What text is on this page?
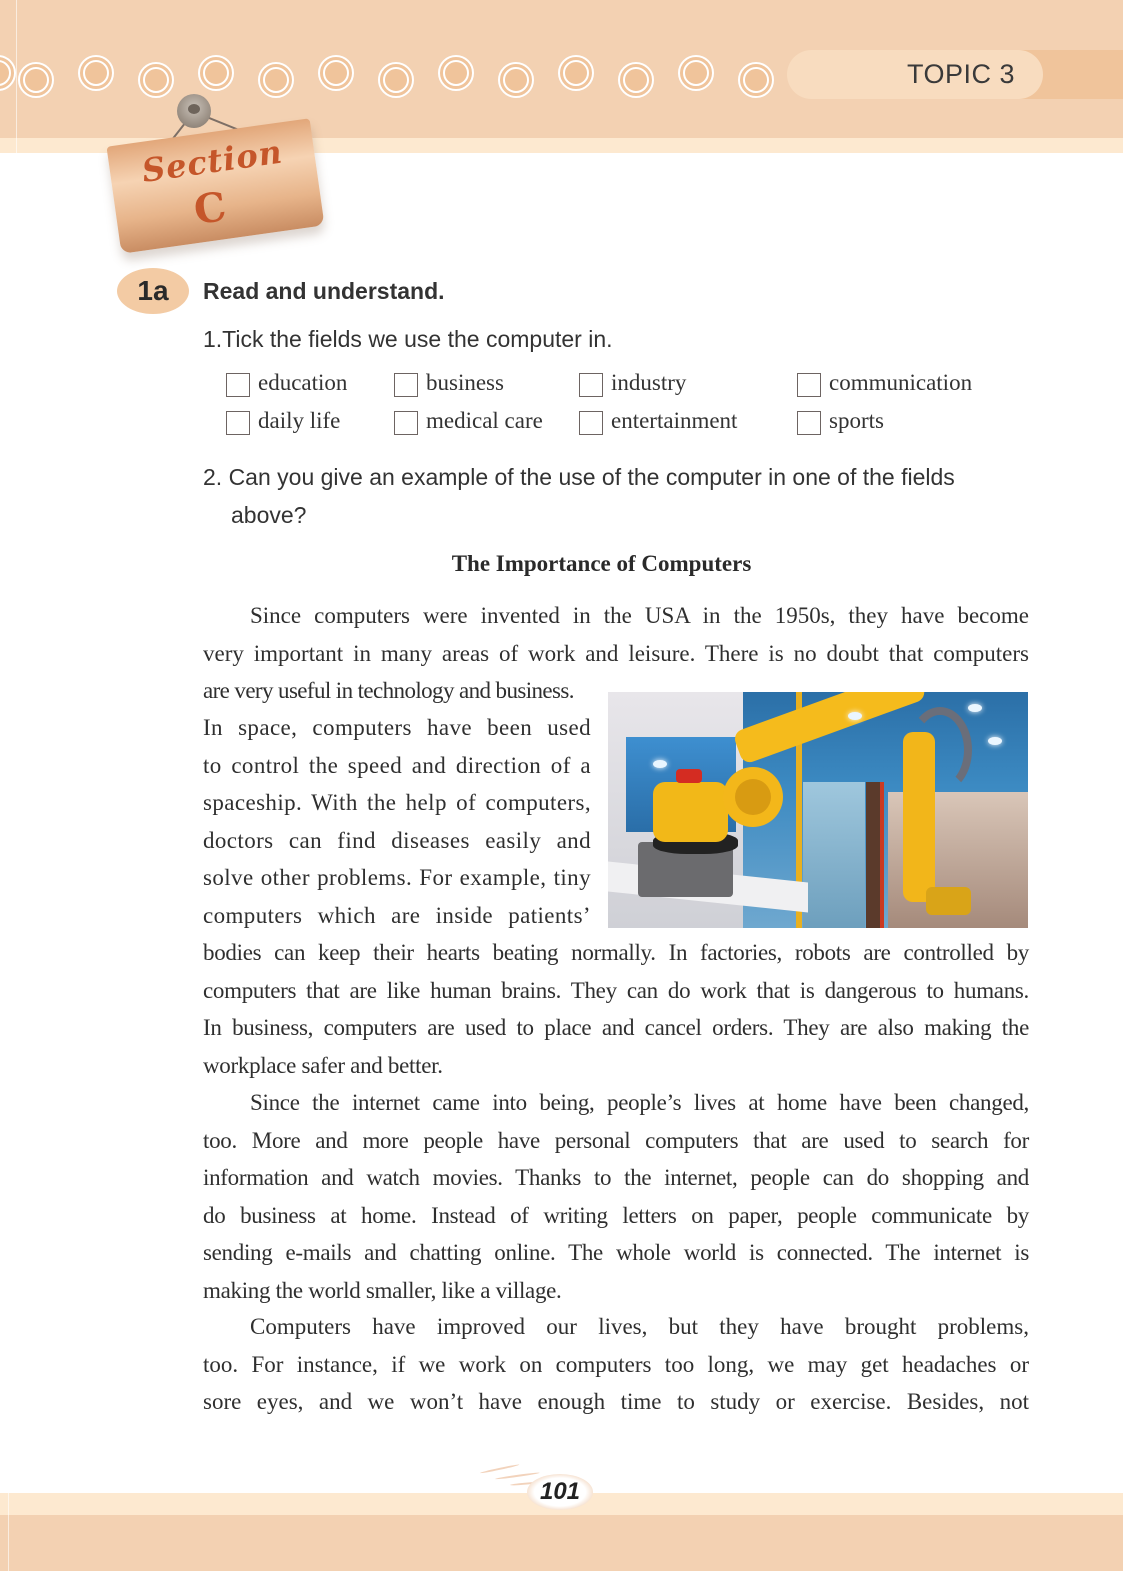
TOPIC 3
Section
C
1a Read and understand.
1.Tick the fields we use the computer in.
education	business	industry	communication
daily life	medical care	entertainment	sports
2. Can you give an example of the use of the computer in one of the fields
above?
The Importance of Computers
Since computers were invented in the USA in the 1950s, they have become
very important in many areas of work and leisure. There is no doubt that computers
are very useful in technology and business.
In space, computers have been used
to control the speed and direction of a
spaceship. With the help of computers,
doctors can find diseases easily and
solve other problems. For example, tiny
computers which are inside patients’
bodies can keep their hearts beating normally. In factories, robots are controlled by
computers that are like human brains. They can do work that is dangerous to humans.
In business, computers are used to place and cancel orders. They are also making the
workplace safer and better.
Since the internet came into being, people’s lives at home have been changed,
too. More and more people have personal computers that are used to search for
information and watch movies. Thanks to the internet, people can do shopping and
do business at home. Instead of writing letters on paper, people communicate by
sending e-mails and chatting online. The whole world is connected. The internet is
making the world smaller, like a village.
Computers have improved our lives, but they have brought problems,
too. For instance, if we work on computers too long, we may get headaches or
sore eyes, and we won’t have enough time to study or exercise. Besides, not
101
